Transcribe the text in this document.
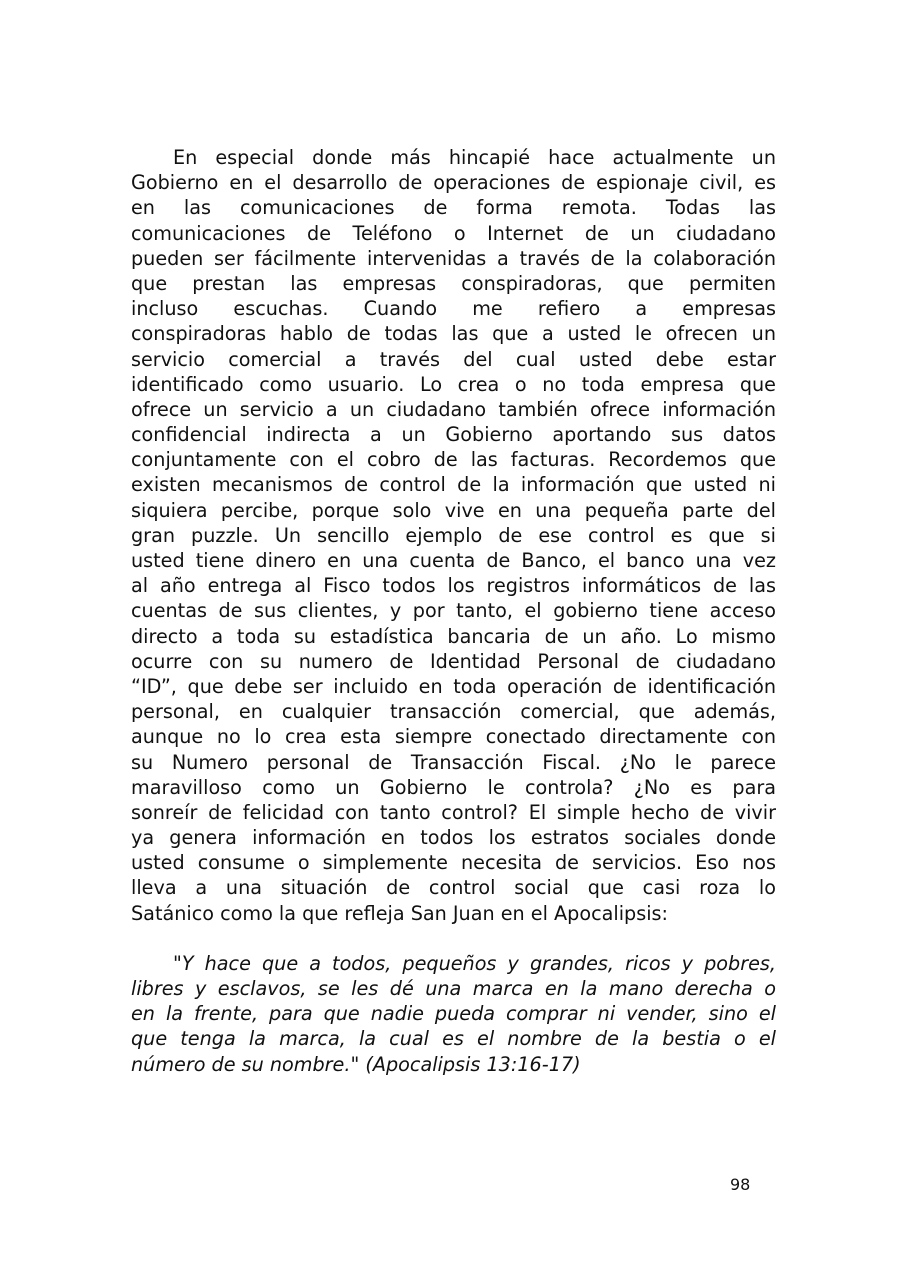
En especial donde más hincapié hace actualmente un
Gobierno en el desarrollo de operaciones de espionaje civil, es
en las comunicaciones de forma remota. Todas las
comunicaciones de Teléfono o Internet de un ciudadano
pueden ser fácilmente intervenidas a través de la colaboración
que prestan las empresas conspiradoras, que permiten
incluso escuchas. Cuando me refiero a empresas
conspiradoras hablo de todas las que a usted le ofrecen un
servicio comercial a través del cual usted debe estar
identificado como usuario. Lo crea o no toda empresa que
ofrece un servicio a un ciudadano también ofrece información
confidencial indirecta a un Gobierno aportando sus datos
conjuntamente con el cobro de las facturas. Recordemos que
existen mecanismos de control de la información que usted ni
siquiera percibe, porque solo vive en una pequeña parte del
gran puzzle. Un sencillo ejemplo de ese control es que si
usted tiene dinero en una cuenta de Banco, el banco una vez
al año entrega al Fisco todos los registros informáticos de las
cuentas de sus clientes, y por tanto, el gobierno tiene acceso
directo a toda su estadística bancaria de un año. Lo mismo
ocurre con su numero de Identidad Personal de ciudadano
“ID”, que debe ser incluido en toda operación de identificación
personal, en cualquier transacción comercial, que además,
aunque no lo crea esta siempre conectado directamente con
su Numero personal de Transacción Fiscal. ¿No le parece
maravilloso como un Gobierno le controla? ¿No es para
sonreír de felicidad con tanto control? El simple hecho de vivir
ya genera información en todos los estratos sociales donde
usted consume o simplemente necesita de servicios. Eso nos
lleva a una situación de control social que casi roza lo
Satánico como la que refleja San Juan en el Apocalipsis:
"Y hace que a todos, pequeños y grandes, ricos y pobres,
libres y esclavos, se les dé una marca en la mano derecha o
en la frente, para que nadie pueda comprar ni vender, sino el
que tenga la marca, la cual es el nombre de la bestia o el
número de su nombre." (Apocalipsis 13:16-17)
98
